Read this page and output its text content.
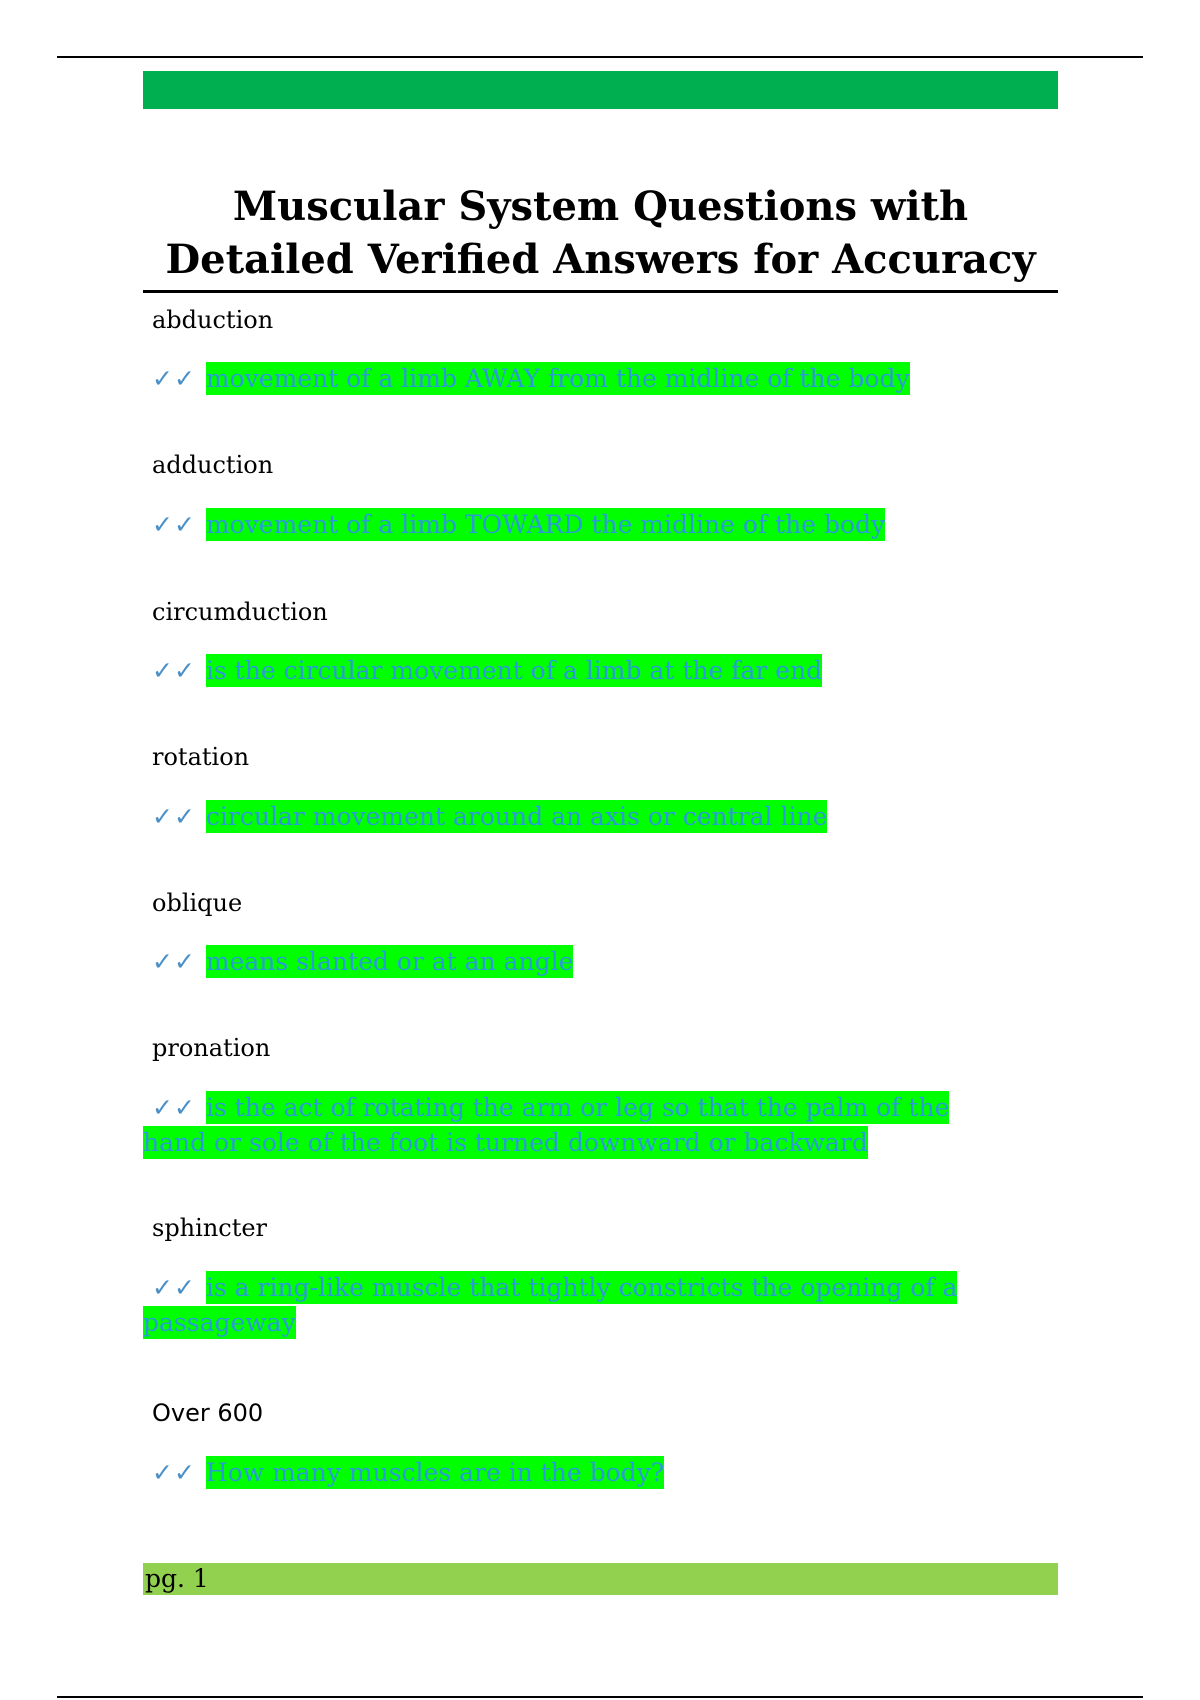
Muscular System Questions with
Detailed Verified Answers for Accuracy
abduction
✓✓ movement of a limb AWAY from the midline of the body
adduction
✓✓ movement of a limb TOWARD the midline of the body
circumduction
✓✓ is the circular movement of a limb at the far end
rotation
✓✓ circular movement around an axis or central line
oblique
✓✓ means slanted or at an angle
pronation
✓✓ is the act of rotating the arm or leg so that the palm of the
hand or sole of the foot is turned downward or backward
sphincter
✓✓ is a ring-like muscle that tightly constricts the opening of a
passageway
Over 600
✓✓ How many muscles are in the body?
pg. 1
